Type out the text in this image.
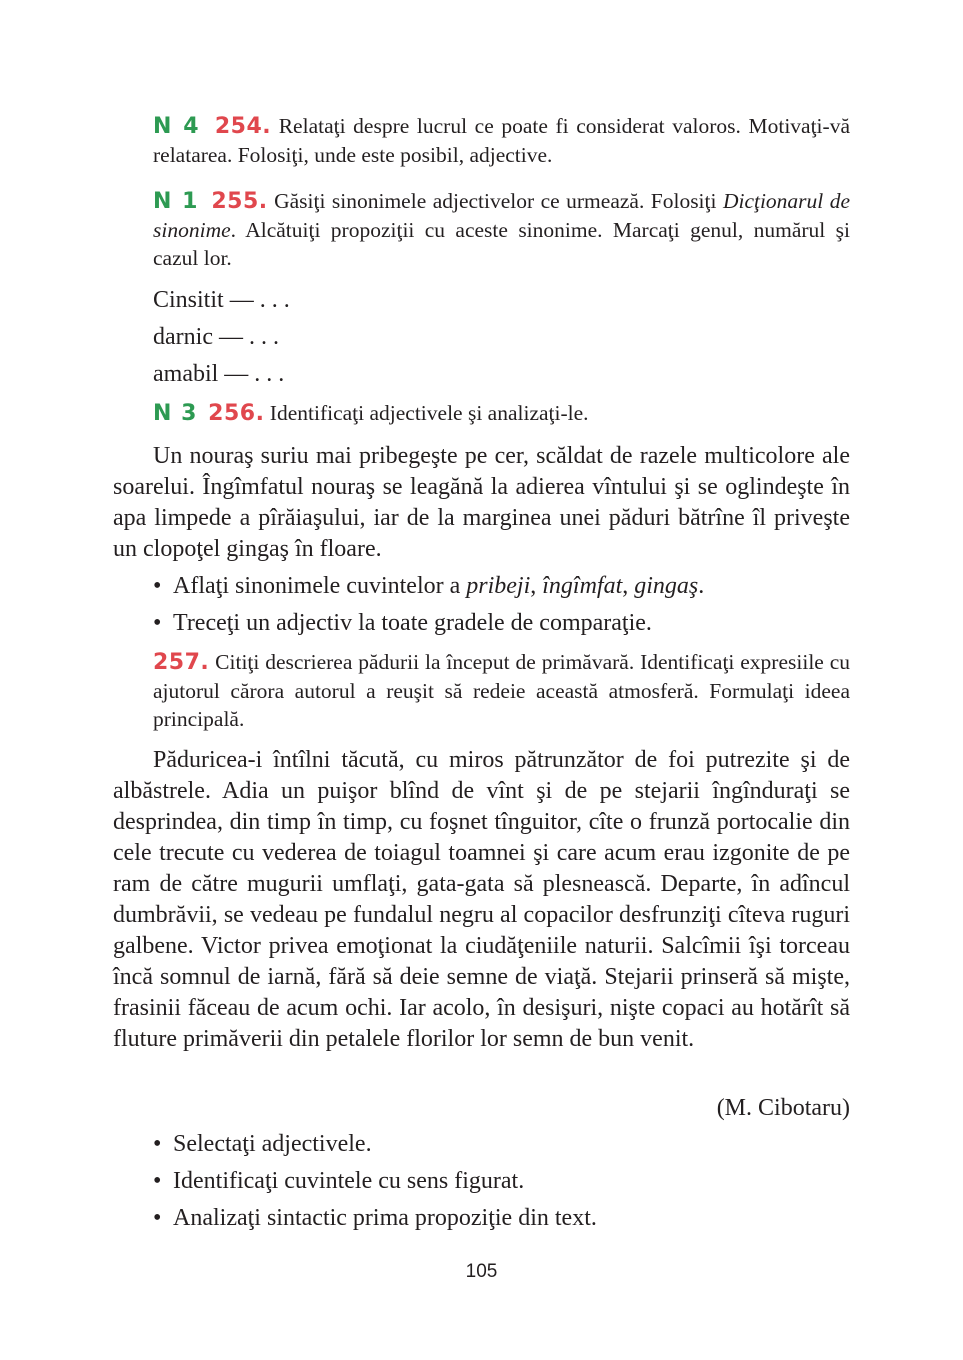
N 4 254. Relataţi despre lucrul ce poate fi considerat valoros. Motivaţi-vă relatarea. Folosiţi, unde este posibil, adjective.
N 1 255. Găsiţi sinonimele adjectivelor ce urmează. Folosiţi Dicţionarul de sinonime. Alcătuiţi propoziţii cu aceste sinonime. Marcaţi genul, numărul şi cazul lor.
Cinsitit — . . .
darnic — . . .
amabil — . . .
N 3 256. Identificaţi adjectivele şi analizaţi-le.

Un nouraş suriu mai pribegeşte pe cer, scăldat de razele multicolore ale soarelui. Îngîmfatul nouraş se leagănă la adierea vîntului şi se oglindeşte în apa limpede a pîrăiaşului, iar de la marginea unei păduri bătrîne îl priveşte un clopoţel gingaş în floare.

• Aflaţi sinonimele cuvintelor a pribeji, îngîmfat, gingaş.
• Treceţi un adjectiv la toate gradele de comparaţie.
257. Citiţi descrierea pădurii la început de primăvară. Identificaţi expresiile cu ajutorul cărora autorul a reuşit să redeie această atmosferă. Formulaţi ideea principală.

Păduricea-i întîlni tăcută, cu miros pătrunzător de foi putrezite şi de albăstrele. Adia un puişor blînd de vînt şi de pe stejarii îngînduraţi se desprindea, din timp în timp, cu foşnet tînguitor, cîte o frunză portocalie din cele trecute cu vederea de toiagul toamnei şi care acum erau izgonite de pe ram de către mugurii umflaţi, gata-gata să plesnească. Departe, în adîncul dumbrăvii, se vedeau pe fundalul negru al copacilor desfrunziţi cîteva ruguri galbene. Victor privea emoţionat la ciudăţeniile naturii. Salcîmii îşi torceau încă somnul de iarnă, fără să deie semne de viaţă. Stejarii prinseră să mişte, frasinii făceau de acum ochi. Iar acolo, în desişuri, nişte copaci au hotărît să fluture primăverii din petalele florilor lor semn de bun venit.

(M. Cibotaru)
• Selectaţi adjectivele.
• Identificaţi cuvintele cu sens figurat.
• Analizaţi sintactic prima propoziţie din text.
105
